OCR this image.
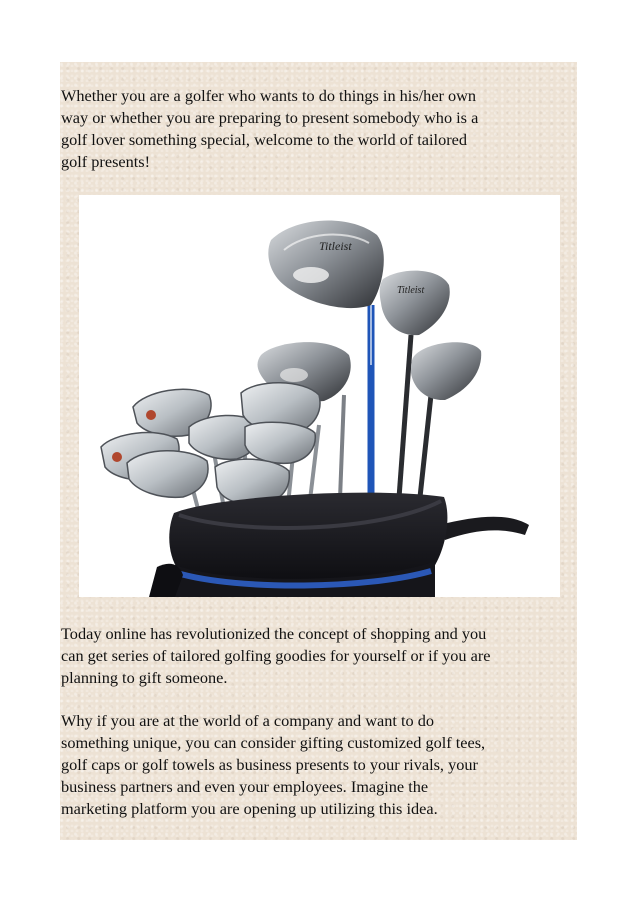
Whether you are a golfer who wants to do things in his/her own
way or whether you are preparing to present somebody who is a
golf lover something special, welcome to the world of tailored
golf presents!

Titleist
Titleist

Today online has revolutionized the concept of shopping and you
can get series of tailored golfing goodies for yourself or if you are
planning to gift someone.

Why if you are at the world of a company and want to do
something unique, you can consider gifting customized golf tees,
golf caps or golf towels as business presents to your rivals, your
business partners and even your employees. Imagine the
marketing platform you are opening up utilizing this idea.
